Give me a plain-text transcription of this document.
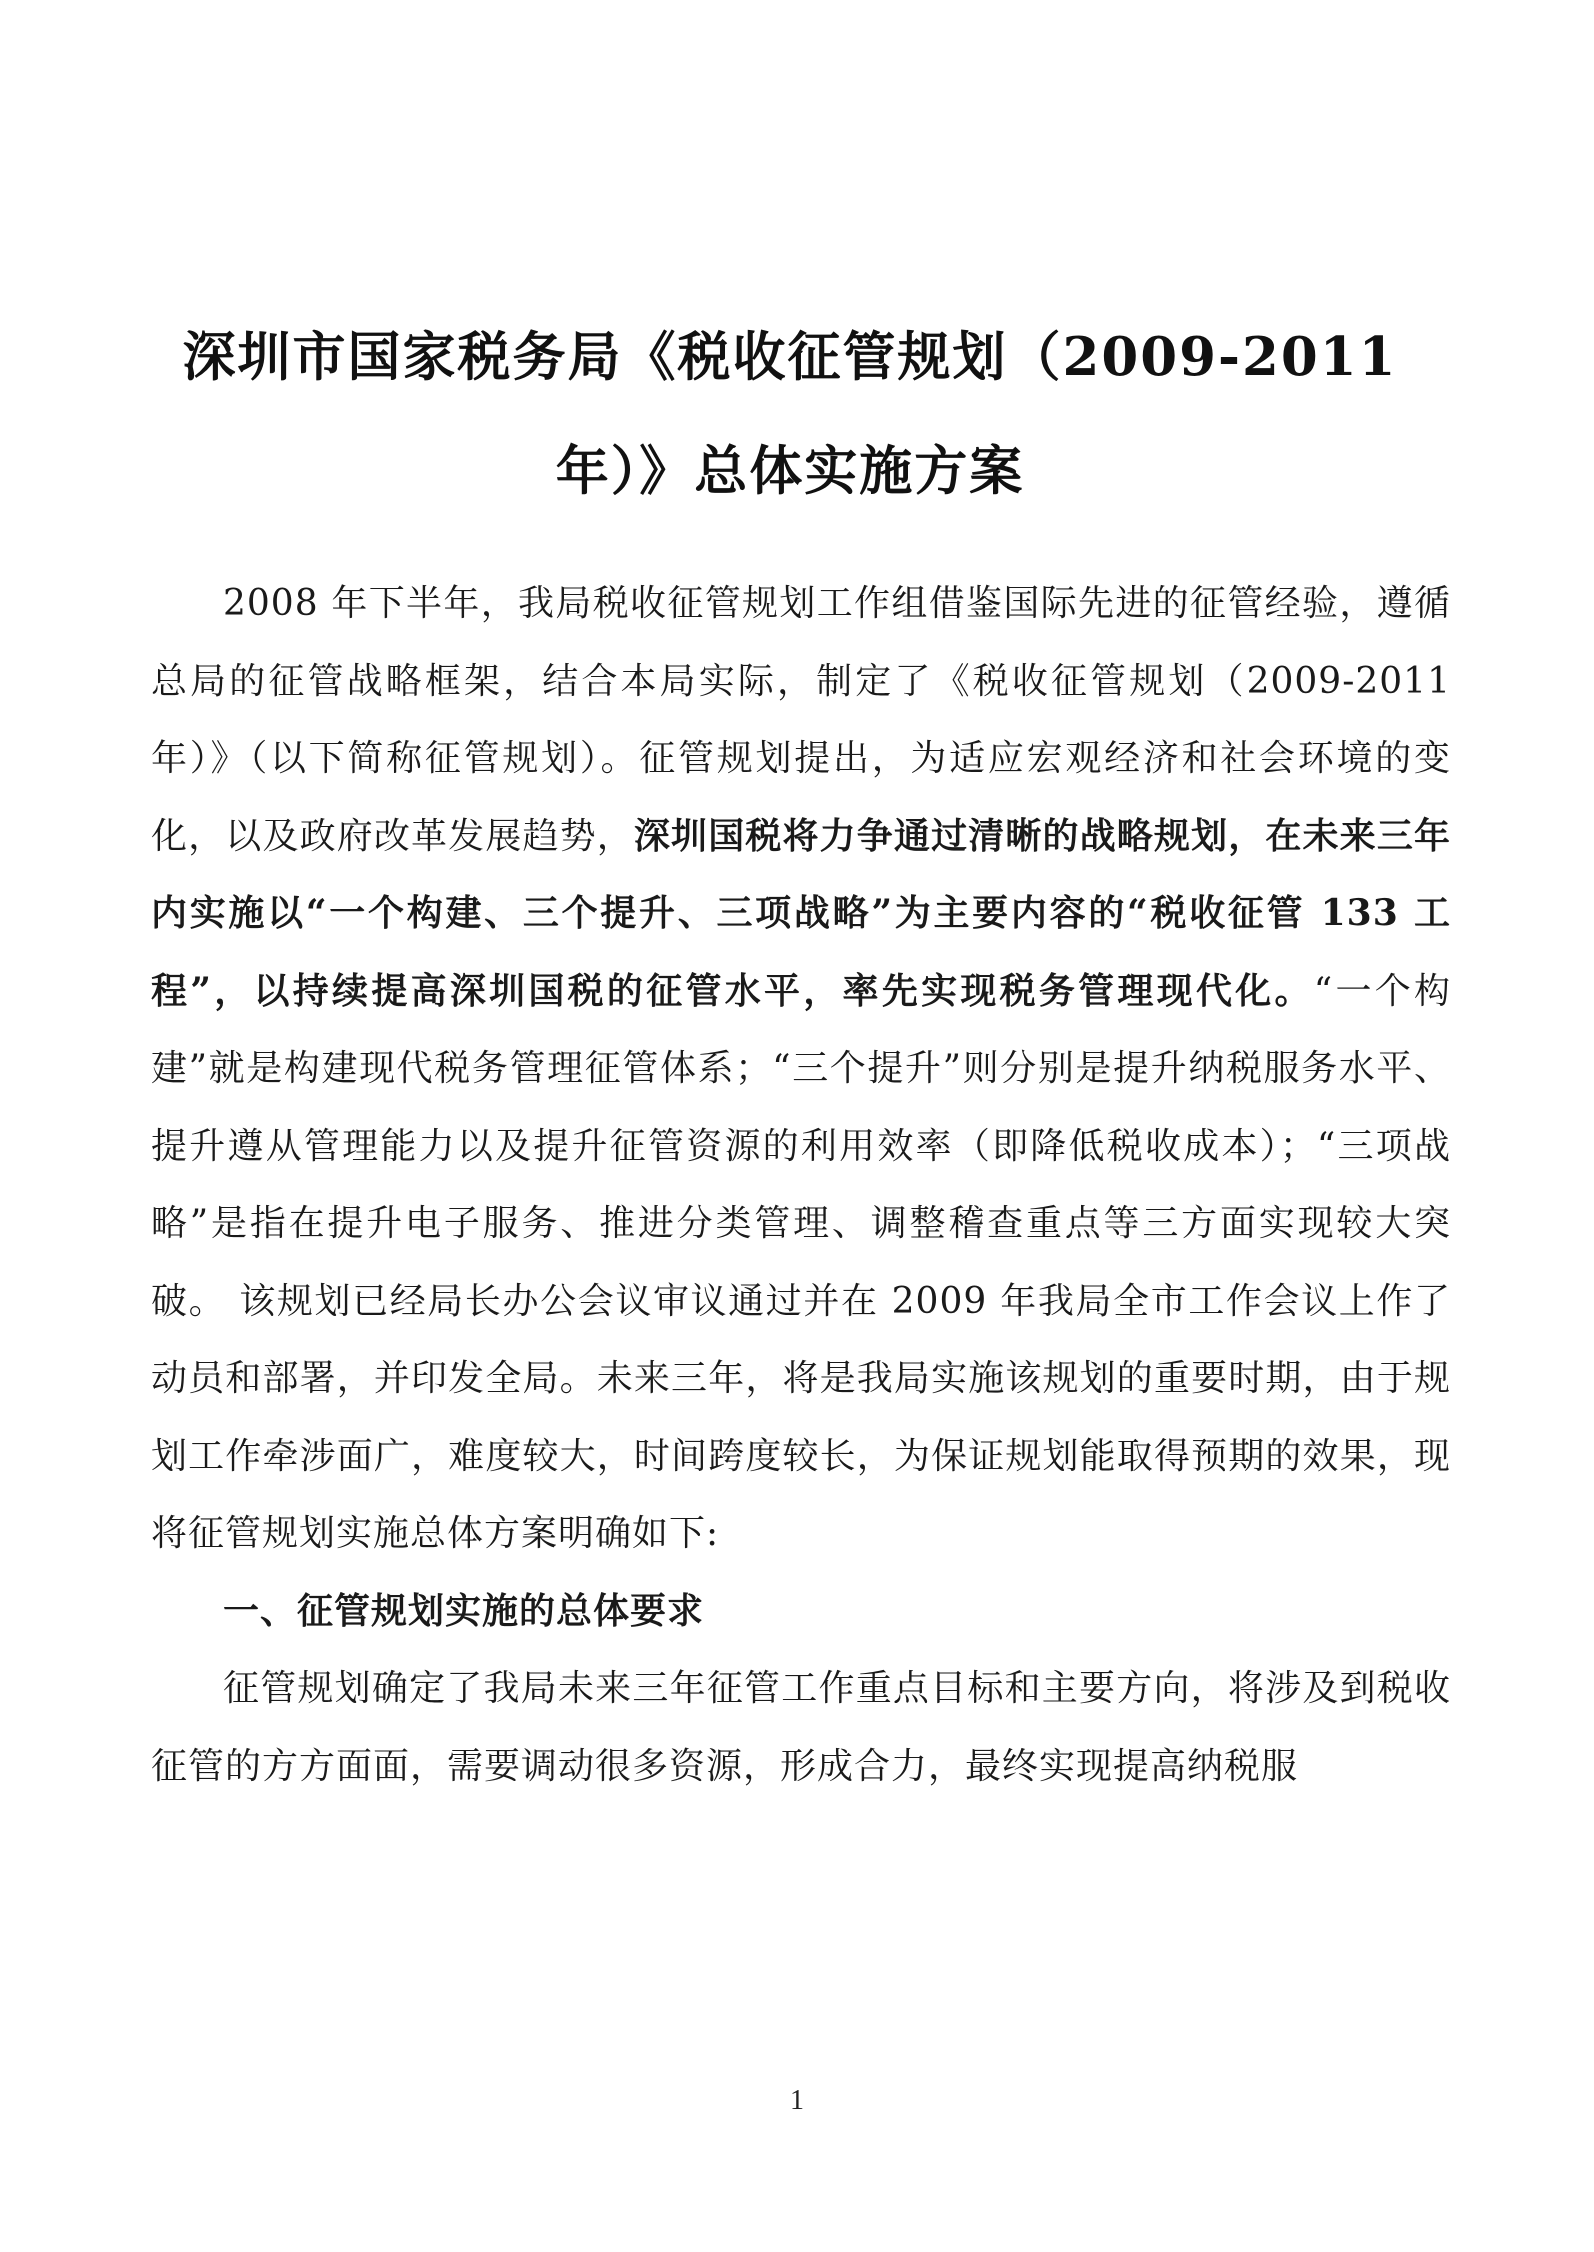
深圳市国家税务局《税收征管规划（2009-2011
年）》总体实施方案

2008 年下半年，我局税收征管规划工作组借鉴国际先进的征管经验，遵循总局的征管战略框架，结合本局实际，制定了《税收征管规划（2009-2011 年）》（以下简称征管规划）。征管规划提出，为适应宏观经济和社会环境的变化，以及政府改革发展趋势，深圳国税将力争通过清晰的战略规划，在未来三年内实施以“一个构建、三个提升、三项战略”为主要内容的“税收征管 133 工程”，以持续提高深圳国税的征管水平，率先实现税务管理现代化。“一个构建”就是构建现代税务管理征管体系；“三个提升”则分别是提升纳税服务水平、提升遵从管理能力以及提升征管资源的利用效率（即降低税收成本）；“三项战略”是指在提升电子服务、推进分类管理、调整稽查重点等三方面实现较大突破。 该规划已经局长办公会议审议通过并在 2009 年我局全市工作会议上作了动员和部署，并印发全局。未来三年，将是我局实施该规划的重要时期，由于规划工作牵涉面广，难度较大，时间跨度较长，为保证规划能取得预期的效果，现将征管规划实施总体方案明确如下:

一、征管规划实施的总体要求

征管规划确定了我局未来三年征管工作重点目标和主要方向，将涉及到税收征管的方方面面，需要调动很多资源，形成合力，最终实现提高纳税服

1
